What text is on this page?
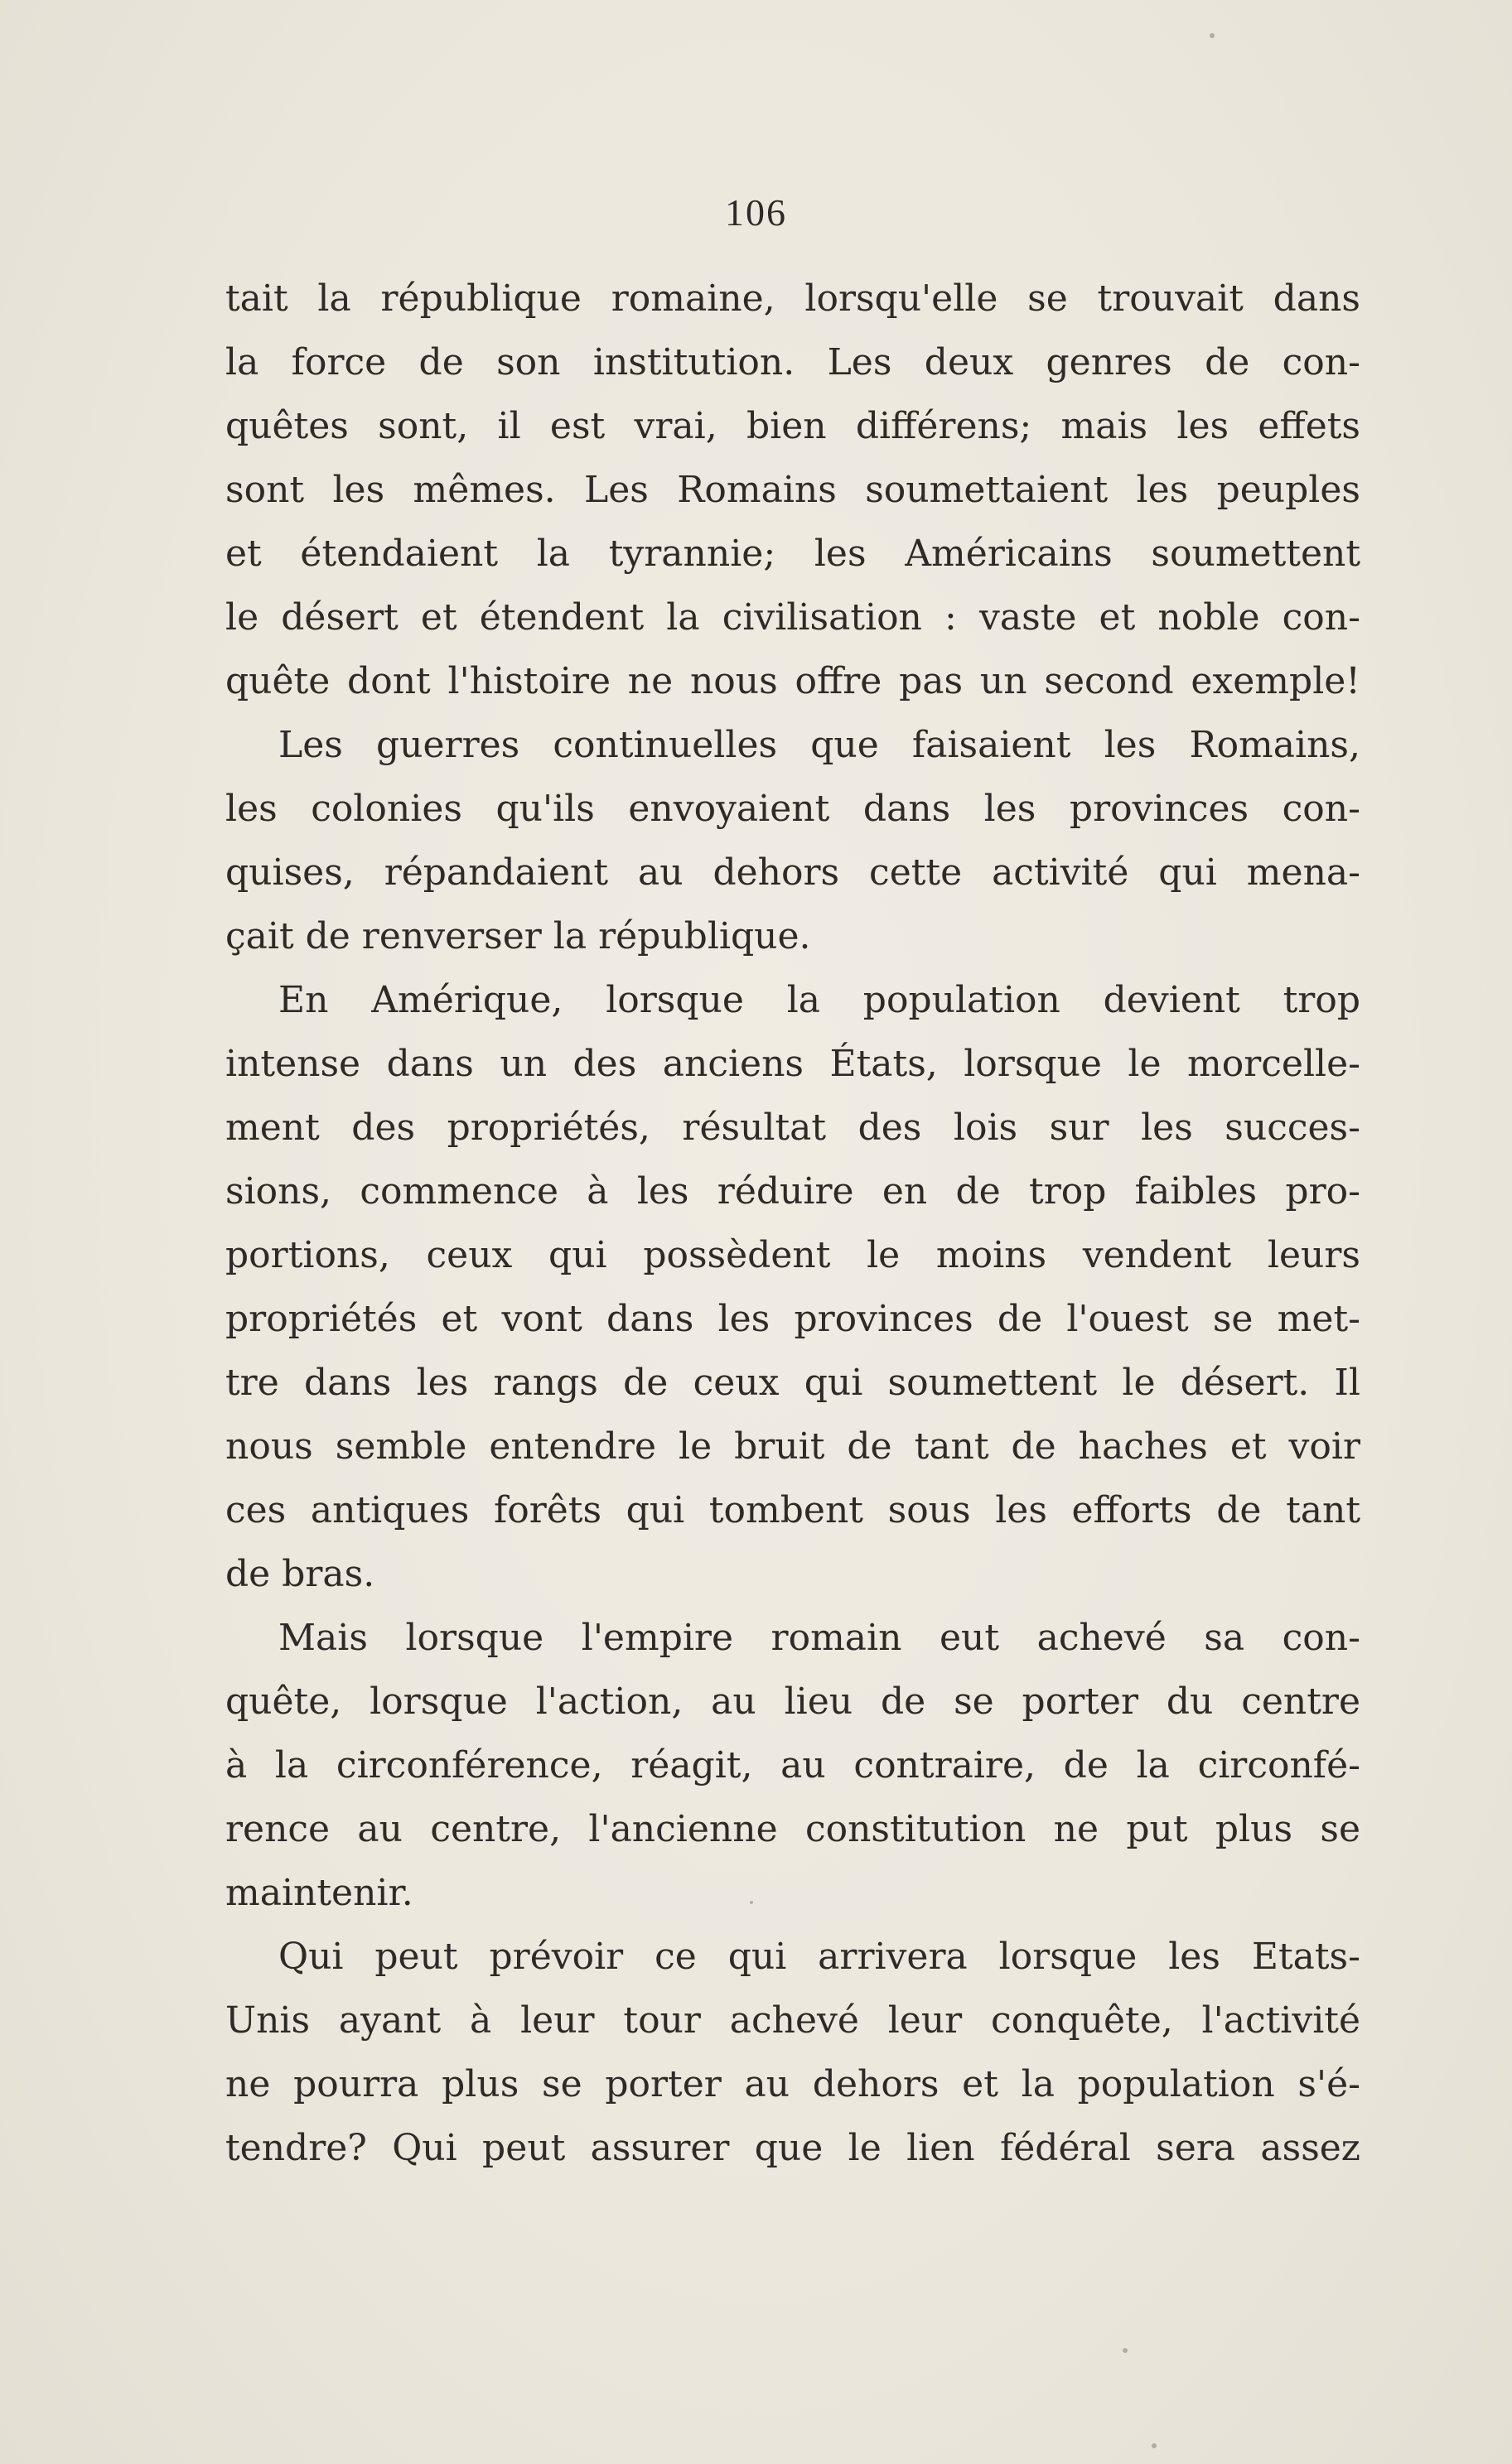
106
tait la république romaine, lorsqu'elle se trouvait dans
la force de son institution. Les deux genres de con-
quêtes sont, il est vrai, bien différens; mais les effets
sont les mêmes. Les Romains soumettaient les peuples
et étendaient la tyrannie; les Américains soumettent
le désert et étendent la civilisation : vaste et noble con-
quête dont l'histoire ne nous offre pas un second exemple!
Les guerres continuelles que faisaient les Romains,
les colonies qu'ils envoyaient dans les provinces con-
quises, répandaient au dehors cette activité qui mena-
çait de renverser la république.
En Amérique, lorsque la population devient trop
intense dans un des anciens États, lorsque le morcelle-
ment des propriétés, résultat des lois sur les succes-
sions, commence à les réduire en de trop faibles pro-
portions, ceux qui possèdent le moins vendent leurs
propriétés et vont dans les provinces de l'ouest se met-
tre dans les rangs de ceux qui soumettent le désert. Il
nous semble entendre le bruit de tant de haches et voir
ces antiques forêts qui tombent sous les efforts de tant
de bras.
Mais lorsque l'empire romain eut achevé sa con-
quête, lorsque l'action, au lieu de se porter du centre
à la circonférence, réagit, au contraire, de la circonfé-
rence au centre, l'ancienne constitution ne put plus se
maintenir.
Qui peut prévoir ce qui arrivera lorsque les Etats-
Unis ayant à leur tour achevé leur conquête, l'activité
ne pourra plus se porter au dehors et la population s'é-
tendre? Qui peut assurer que le lien fédéral sera assez
